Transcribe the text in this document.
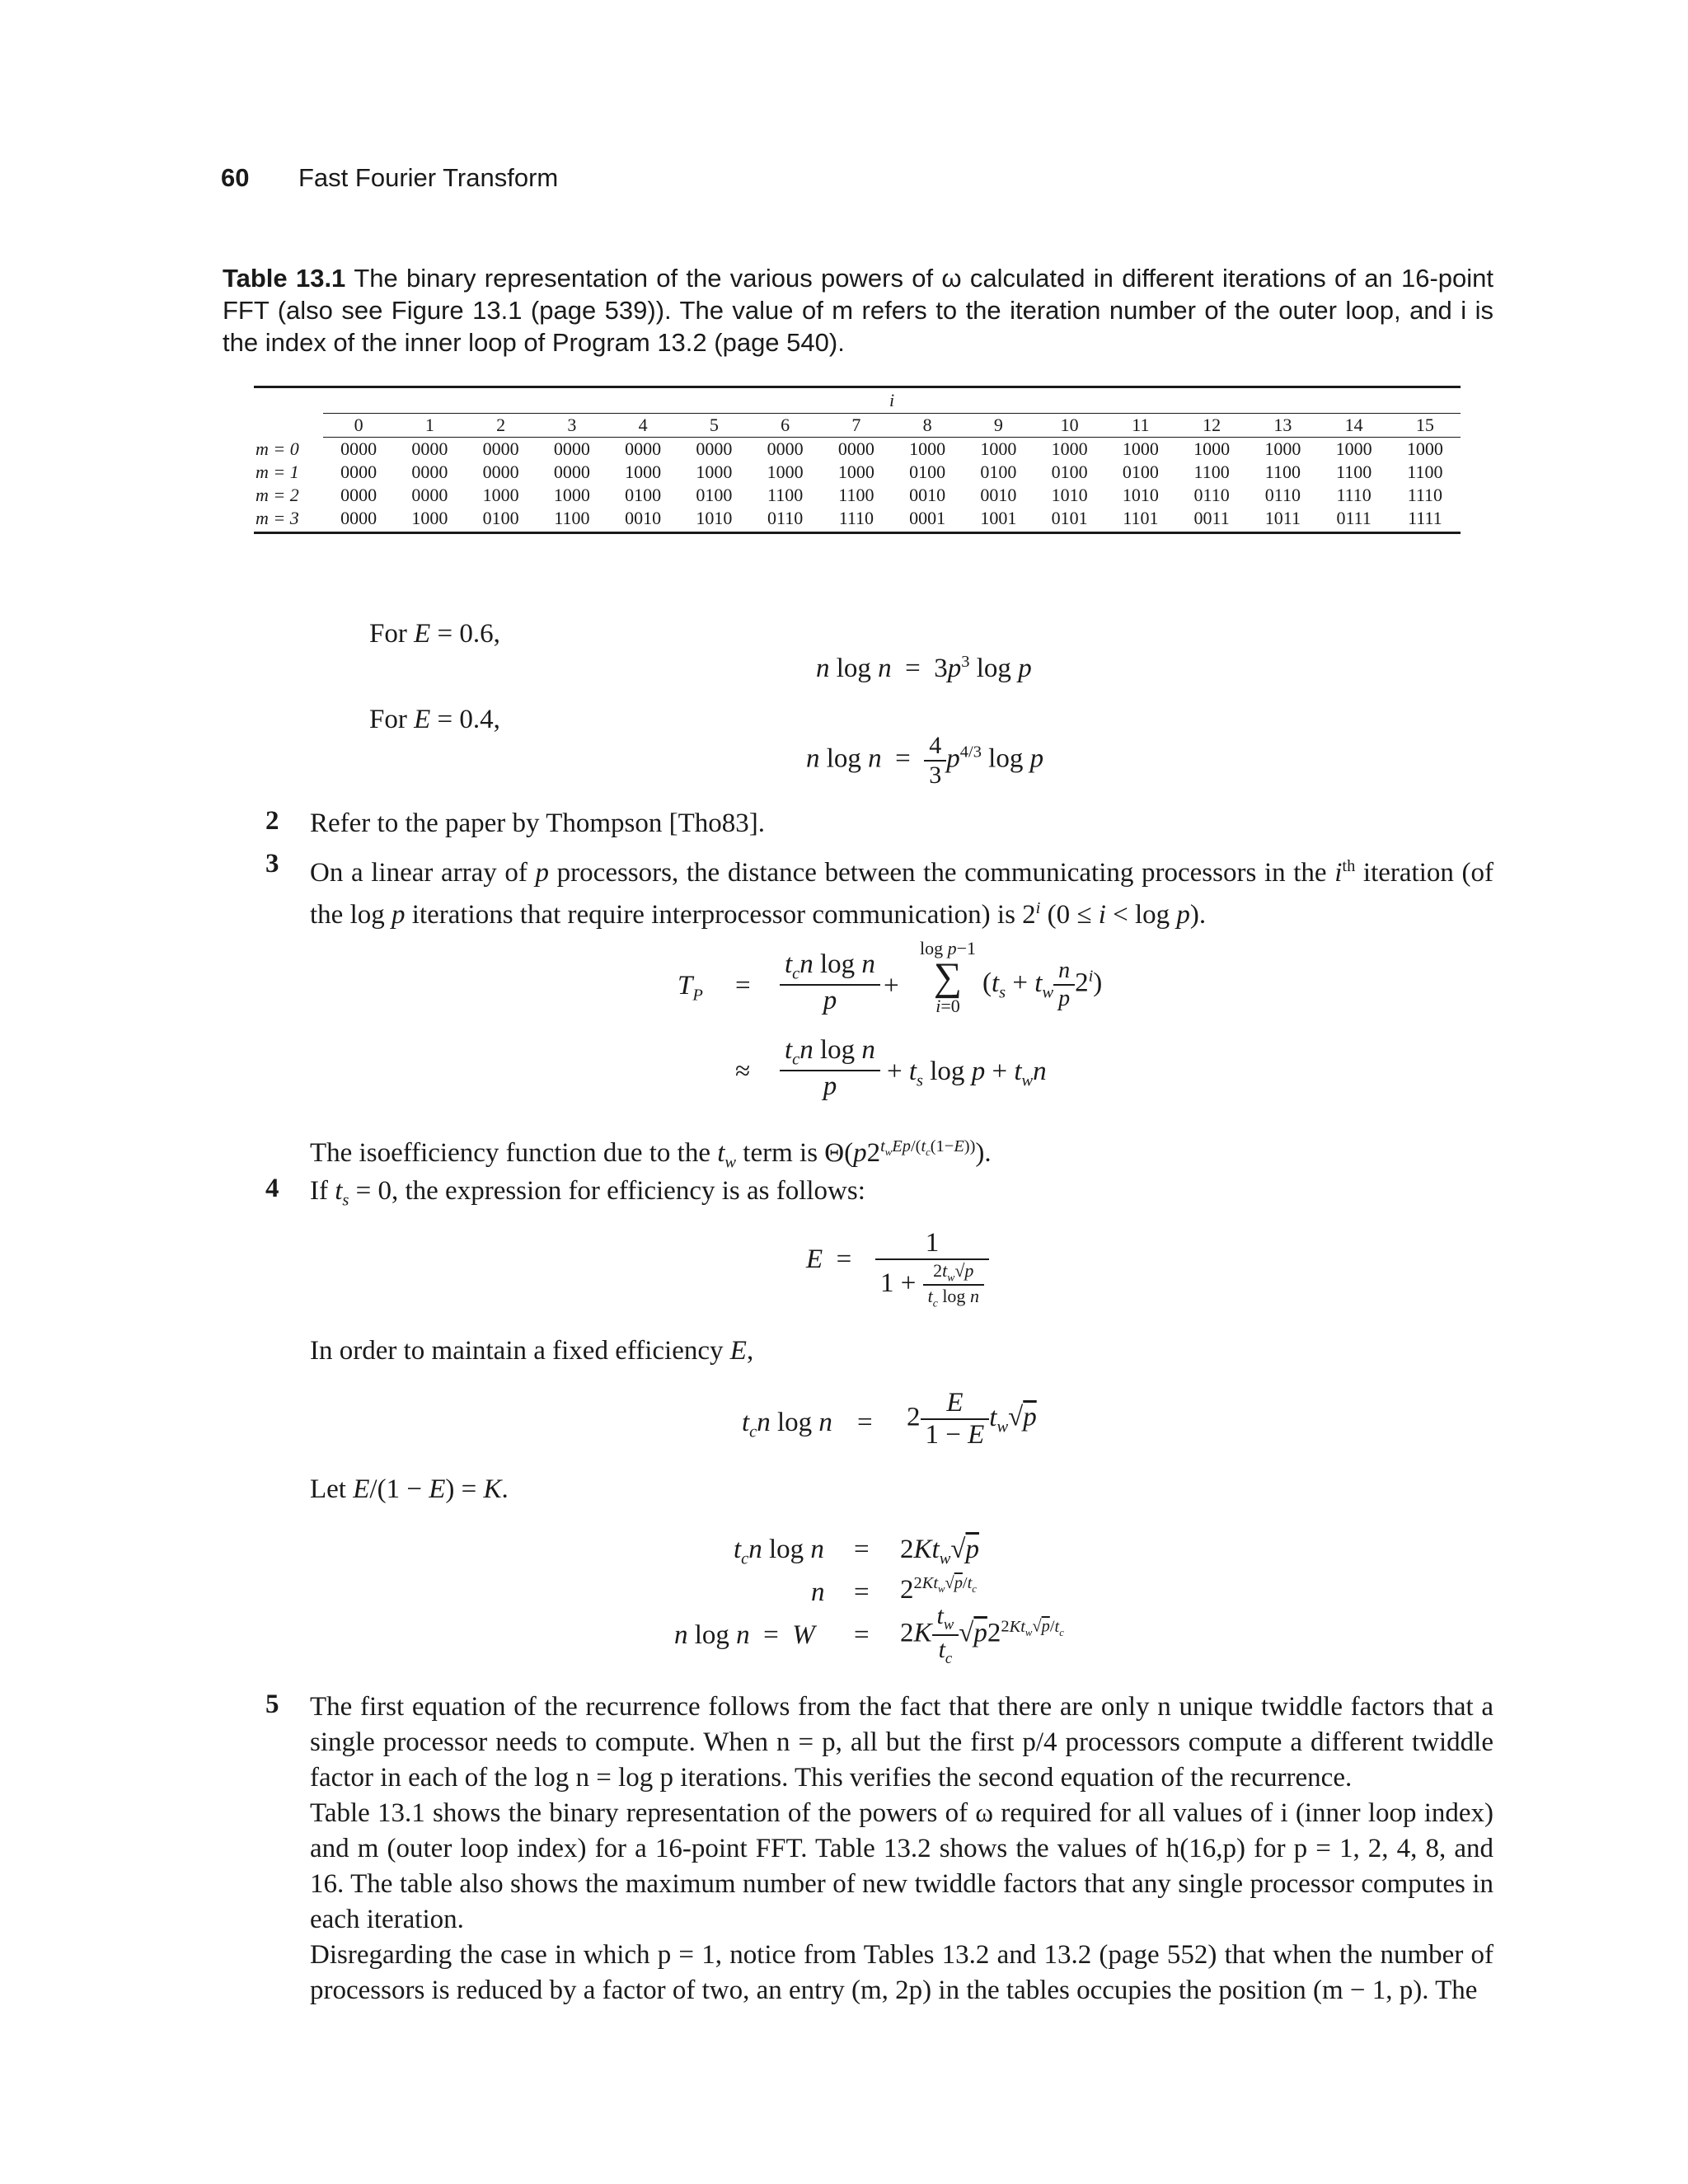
60 Fast Fourier Transform
Table 13.1 The binary representation of the various powers of ω calculated in different iterations of an 16-point FFT (also see Figure 13.1 (page 539)). The value of m refers to the iteration number of the outer loop, and i is the index of the inner loop of Program 13.2 (page 540).
	i															
	0	1	2	3	4	5	6	7	8	9	10	11	12	13	14	15
m = 0	0000	0000	0000	0000	0000	0000	0000	0000	1000	1000	1000	1000	1000	1000	1000	1000
m = 1	0000	0000	0000	0000	1000	1000	1000	1000	0100	0100	0100	0100	1100	1100	1100	1100
m = 2	0000	0000	1000	1000	0100	0100	1100	1100	0010	0010	1010	1010	0110	0110	1110	1110
m = 3	0000	1000	0100	1100	0010	1010	0110	1110	0001	1001	0101	1101	0011	1011	0111	1111
For E = 0.6,
n $\log n = 3p^3$ log p
For E = 0.4,
n $\log n = \frac{4}{3} p^{4/3}$ log p
2 Refer to the paper by Thompson [Tho83].
3 On a linear array of p processors, the distance between the communicating processors in the $i^{th}$ iteration (of the log p iterations that require interprocessor communication) is 2$^i$ (0 ≤ i < log p).
$T_P = \frac{t_cn \log n}{p}$ +
log p−1
∑
i=0
$(t_s + t_w \frac{n}{p} 2^i)$
≈ $\frac{t_cn \log n}{p} + t_s$ $\log p + t_wn$
The isoefficiency function due to the $t_w$ term is $\Theta(p2^{t_wEp/(t_c(1-E))})$.
4 If $t_s = 0$, the expression for efficiency is as follows:
$E = \frac{1}{1 + \frac{2t_w√p}{t_c \log n}}$
In order to maintain a fixed efficiency E,
$t_cn$ $\log n = 2 \frac{E}{1 - E} t_w√p$
Let E/(1 − E) = K.
$t_cn$ $\log n = 2Kt_w√p$
$n = 2^{2Kt_w√p/t_c}$
n $\log n = W = 2K \frac{t_w}{t_c} √p2^{2Kt_w√p/t_c}$
5 The first equation of the recurrence follows from the fact that there are only n unique twiddle factors that a single processor needs to compute. When n = p, all but the first p/4 processors compute a different twiddle factor in each of the log n = log p iterations. This verifies the second equation of the recurrence.
Table 13.1 shows the binary representation of the powers of ω required for all values of i (inner loop index) and m (outer loop index) for a 16-point FFT. Table 13.2 shows the values of h(16,p) for p = 1, 2, 4, 8, and 16. The table also shows the maximum number of new twiddle factors that any single processor computes in each iteration.
Disregarding the case in which p = 1, notice from Tables 13.2 and 13.2 (page 552) that when the number of processors is reduced by a factor of two, an entry (m, 2p) in the tables occupies the position (m − 1, p). The
